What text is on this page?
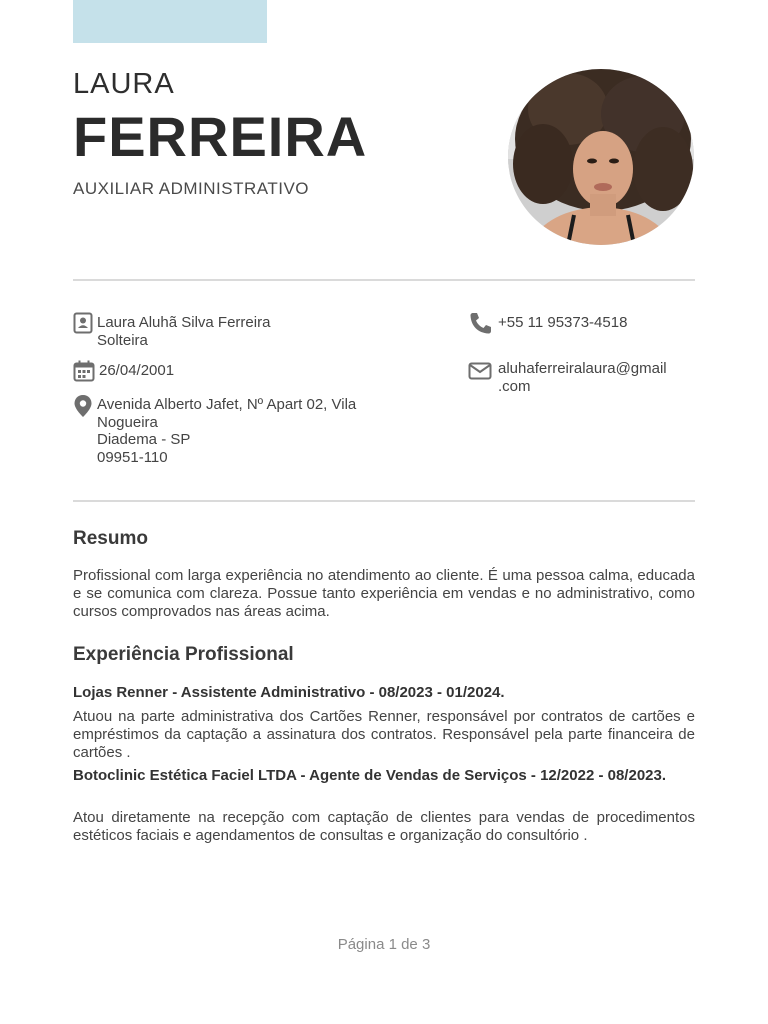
LAURA
FERREIRA
AUXILIAR ADMINISTRATIVO
Laura Aluhã Silva Ferreira
Solteira
26/04/2001
Avenida Alberto Jafet, Nº Apart 02, Vila
Nogueira
Diadema - SP
09951-110
+55 11 95373-4518
aluhaferreiralaura@gmail
.com
Resumo
Profissional com larga experiência no atendimento ao cliente. É uma pessoa calma, educada e se comunica com clareza. Possue tanto experiência em vendas e no administrativo, como cursos comprovados nas áreas acima.
Experiência Profissional
Lojas Renner - Assistente Administrativo - 08/2023 - 01/2024.
Atuou na parte administrativa dos Cartões Renner, responsável por contratos de cartões e empréstimos da captação a assinatura dos contratos. Responsável pela parte financeira de cartões .
Botoclinic Estética Faciel LTDA - Agente de Vendas de Serviços - 12/2022 - 08/2023.
Atou diretamente na recepção com captação de clientes para vendas de procedimentos estéticos faciais e agendamentos de consultas e organização do consultório .
Página 1 de 3
